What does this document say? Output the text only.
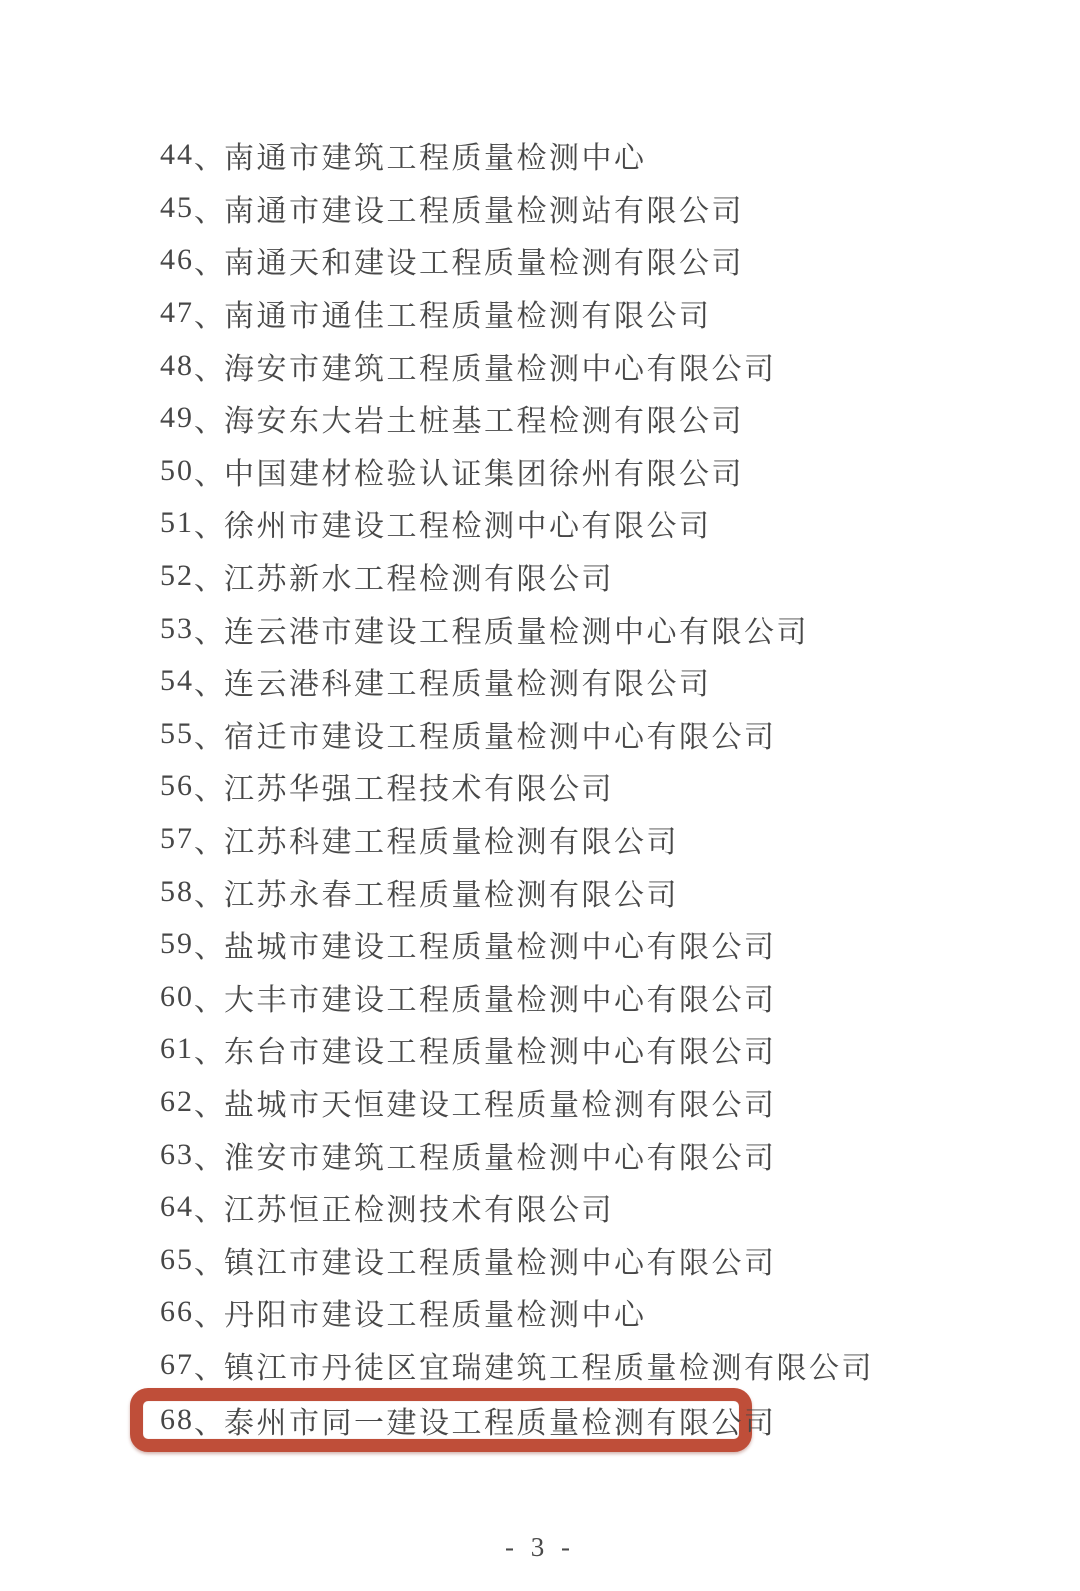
44 、 南通市建筑工程质量检测中心
45 、 南通市建设工程质量检测站有限公司
46 、 南通天和建设工程质量检测有限公司
47 、 南通市通佳工程质量检测有限公司
48 、 海安市建筑工程质量检测中心有限公司
49 、 海安东大岩土桩基工程检测有限公司
50 、 中国建材检验认证集团徐州有限公司
51 、 徐州市建设工程检测中心有限公司
52 、 江苏新水工程检测有限公司
53 、 连云港市建设工程质量检测中心有限公司
54 、 连云港科建工程质量检测有限公司
55 、 宿迁市建设工程质量检测中心有限公司
56 、 江苏华强工程技术有限公司
57 、 江苏科建工程质量检测有限公司
58 、 江苏永春工程质量检测有限公司
59 、 盐城市建设工程质量检测中心有限公司
60 、 大丰市建设工程质量检测中心有限公司
61 、 东台市建设工程质量检测中心有限公司
62 、 盐城市天恒建设工程质量检测有限公司
63 、 淮安市建筑工程质量检测中心有限公司
64 、 江苏恒正检测技术有限公司
65 、 镇江市建设工程质量检测中心有限公司
66 、 丹阳市建设工程质量检测中心
67 、 镇江市丹徒区宜瑞建筑工程质量检测有限公司
68 、 泰州市同一建设工程质量检测有限公司
- 3 -
